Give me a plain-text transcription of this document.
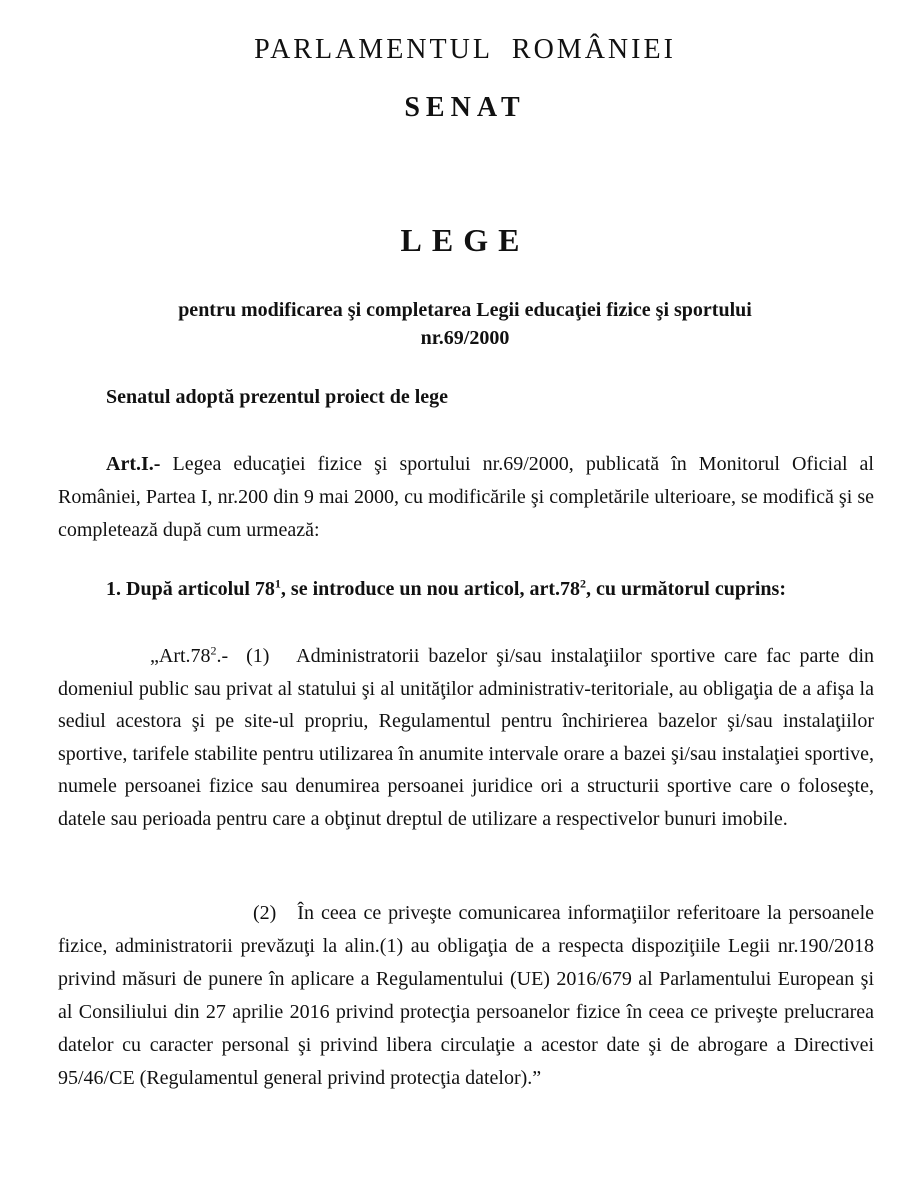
PARLAMENTUL ROMÂNIEI
SENAT
LEGE
pentru modificarea şi completarea Legii educaţiei fizice şi sportului
nr.69/2000
Senatul adoptă prezentul proiect de lege

Art.I.- Legea educaţiei fizice şi sportului nr.69/2000, publicată în Monitorul Oficial al României, Partea I, nr.200 din 9 mai 2000, cu modificările şi completările ulterioare, se modifică şi se completează după cum urmează:

1. După articolul $78^1$, se introduce un nou articol, $art.78^2$, cu următorul cuprins:

$„Art.78^2.-$ (1) Administratorii bazelor şi/sau instalaţiilor sportive care fac parte din domeniul public sau privat al statului şi al unităţilor administrativ-teritoriale, au obligaţia de a afişa la sediul acestora şi pe site-ul propriu, Regulamentul pentru închirierea bazelor şi/sau instalaţiilor sportive, tarifele stabilite pentru utilizarea în anumite intervale orare a bazei şi/sau instalaţiei sportive, numele persoanei fizice sau denumirea persoanei juridice ori a structurii sportive care o foloseşte, datele sau perioada pentru care a obţinut dreptul de utilizare a respectivelor bunuri imobile.

(2) În ceea ce priveşte comunicarea informaţiilor referitoare la persoanele fizice, administratorii prevăzuţi la alin.(1) au obligaţia de a respecta dispoziţiile Legii nr.190/2018 privind măsuri de punere în aplicare a Regulamentului (UE) 2016/679 al Parlamentului European şi al Consiliului din 27 aprilie 2016 privind protecţia persoanelor fizice în ceea ce priveşte prelucrarea datelor cu caracter personal şi privind libera circulaţie a acestor date şi de abrogare a Directivei 95/46/CE (Regulamentul general privind protecţia datelor).”
